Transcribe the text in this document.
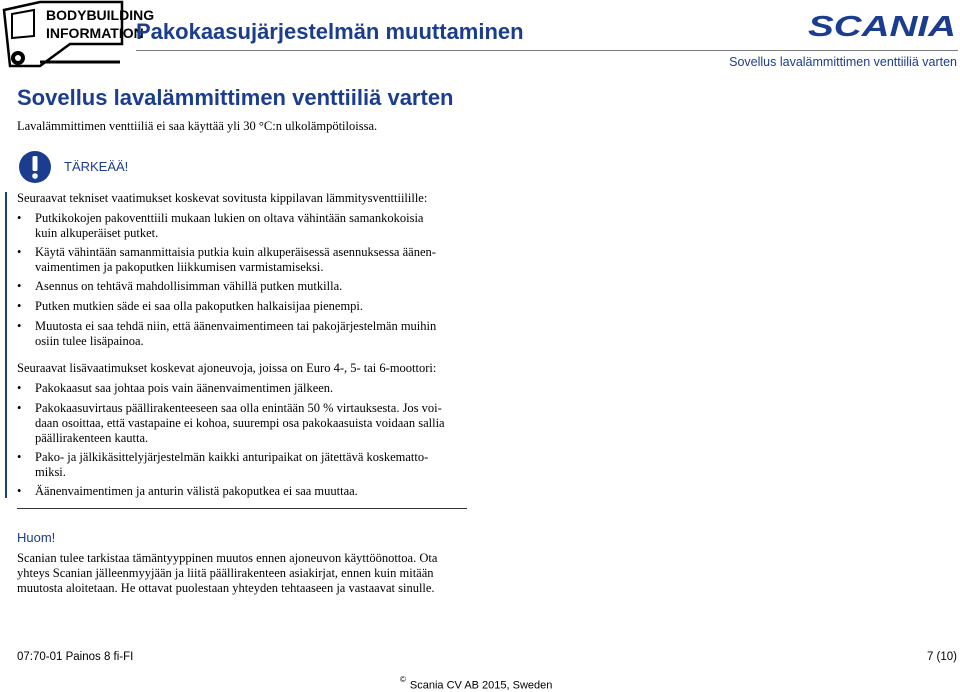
BODYBUILDING
INFORMATION
Pakokaasujärjestelmän muuttaminen	SCANIA
Sovellus lavalämmittimen venttiiliä varten
Sovellus lavalämmittimen venttiiliä varten
Lavalämmittimen venttiiliä ei saa käyttää yli 30 °C:n ulkolämpötiloissa.
TÄRKEÄÄ!
Seuraavat tekniset vaatimukset koskevat sovitusta kippilavan lämmitysventtiilille:
• Putkikokojen pakoventtiili mukaan lukien on oltava vähintään samankokoisia
kuin alkuperäiset putket.
• Käytä vähintään samanmittaisia putkia kuin alkuperäisessä asennuksessa äänen-
vaimentimen ja pakoputken liikkumisen varmistamiseksi.
• Asennus on tehtävä mahdollisimman vähillä putken mutkilla.
• Putken mutkien säde ei saa olla pakoputken halkaisijaa pienempi.
• Muutosta ei saa tehdä niin, että äänenvaimentimeen tai pakojärjestelmän muihin
osiin tulee lisäpainoa.
Seuraavat lisävaatimukset koskevat ajoneuvoja, joissa on Euro 4-, 5- tai 6-moottori:
• Pakokaasut saa johtaa pois vain äänenvaimentimen jälkeen.
• Pakokaasuvirtaus päällirakenteeseen saa olla enintään 50 % virtauksesta. Jos voi-
daan osoittaa, että vastapaine ei kohoa, suurempi osa pakokaasuista voidaan sallia
päällirakenteen kautta.
• Pako- ja jälkikäsittelyjärjestelmän kaikki anturipaikat on jätettävä koskematto-
miksi.
• Äänenvaimentimen ja anturin välistä pakoputkea ei saa muuttaa.
Huom!
Scanian tulee tarkistaa tämäntyyppinen muutos ennen ajoneuvon käyttöönottoa. Ota
yhteys Scanian jälleenmyyjään ja liitä päällirakenteen asiakirjat, ennen kuin mitään
muutosta aloitetaan. He ottavat puolestaan yhteyden tehtaaseen ja vastaavat sinulle.
07:70-01 Painos 8 fi-FI	7 (10)
©Scania CV AB 2015, Sweden
